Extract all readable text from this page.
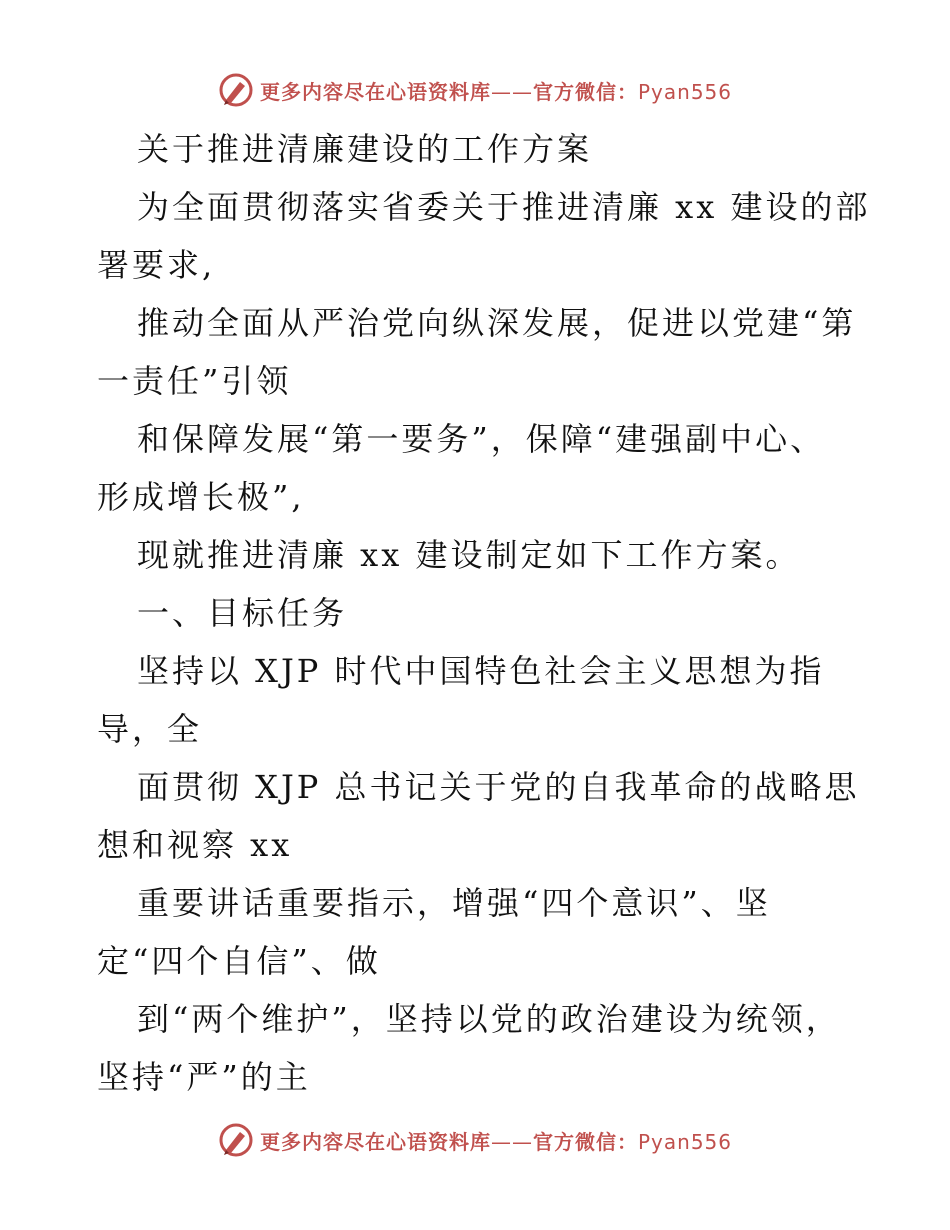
更多内容尽在心语资料库——官方微信：Pyan556
关于推进清廉建设的工作方案
为全面贯彻落实省委关于推进清廉 xx 建设的部
署要求,
推动全面从严治党向纵深发展，促进以党建“第
一责任”引领
和保障发展“第一要务”，保障“建强副中心、
形成增长极”,
现就推进清廉 xx 建设制定如下工作方案。
一、目标任务
坚持以 XJP 时代中国特色社会主义思想为指
导，全
面贯彻 XJP 总书记关于党的自我革命的战略思
想和视察 xx
重要讲话重要指示，增强“四个意识”、坚
定“四个自信”、做
到“两个维护”，坚持以党的政治建设为统领，
坚持“严”的主
更多内容尽在心语资料库——官方微信：Pyan556
